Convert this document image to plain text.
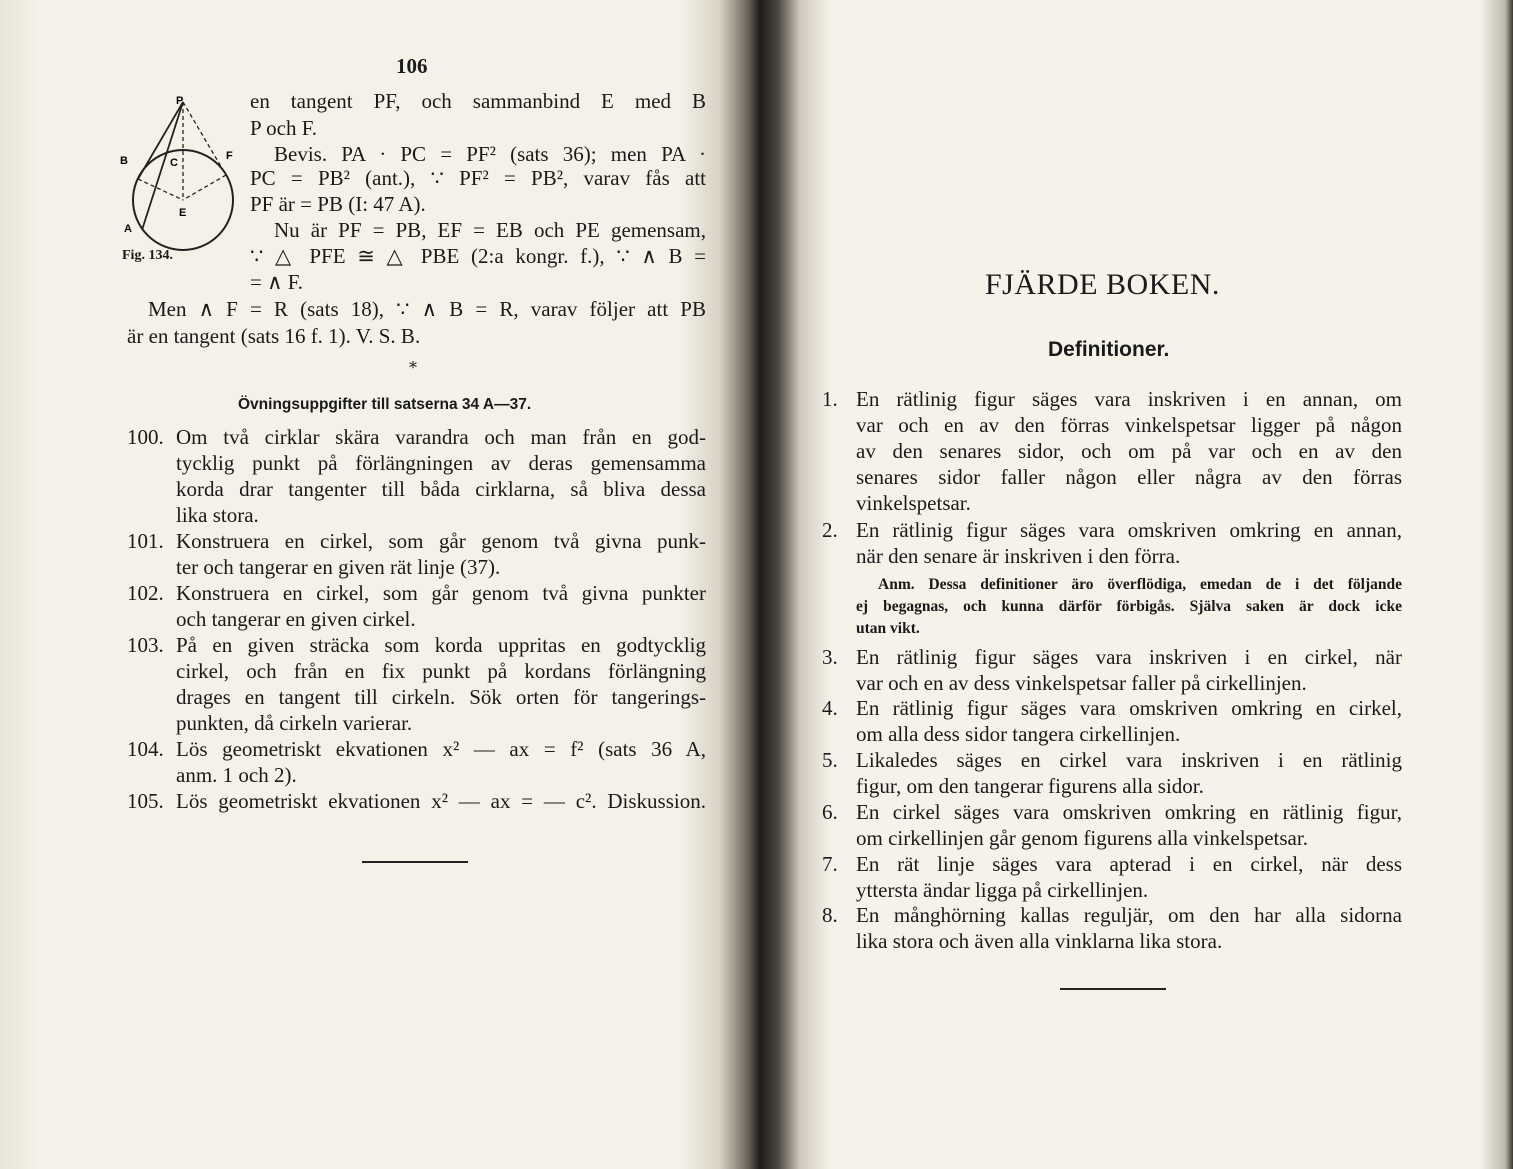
106
P
B	C
F
E
A
Fig. 134.
en tangent PF, och sammanbind E med B
P och F.
Bevis. PA · PC = PF² (sats 36); men PA ·
PC = PB² (ant.), ∵ PF² = PB², varav fås att
PF är = PB (I: 47 A).
Nu är PF = PB, EF = EB och PE gemensam,
∵ △ PFE ≅ △ PBE (2:a kongr. f.), ∵ ∧ B =
= ∧ F.
Men ∧ F = R (sats 18), ∵ ∧ B = R, varav följer att PB
är en tangent (sats 16 f. 1). V. S. B.
100. Om två cirklar skära varandra och man från en god-
tycklig punkt på förlängningen av deras gemensamma
korda drar tangenter till båda cirklarna, så bliva dessa
lika stora.
101. Konstruera en cirkel, som går genom två givna punk-
ter och tangerar en given rät linje (37).
102. Konstruera en cirkel, som går genom två givna punkter
och tangerar en given cirkel.
103. På en given sträcka som korda uppritas en godtycklig
cirkel, och från en fix punkt på kordans förlängning
drages en tangent till cirkeln. Sök orten för tangerings-
punkten, då cirkeln varierar.
104. Lös geometriskt ekvationen x² — ax = f² (sats 36 A,
anm. 1 och 2).
105. Lös geometriskt ekvationen x² — ax = — c². Diskussion.
*
Övningsuppgifter till satserna 34 A—37.
FJÄRDE BOKEN.
Definitioner.
1. En rätlinig figur säges vara inskriven i en annan, om
var och en av den förras vinkelspetsar ligger på någon
av den senares sidor, och om på var och en av den
senares sidor faller någon eller några av den förras
vinkelspetsar.
2. En rätlinig figur säges vara omskriven omkring en annan,
när den senare är inskriven i den förra.
3. En rätlinig figur säges vara inskriven i en cirkel, när
var och en av dess vinkelspetsar faller på cirkellinjen.
4. En rätlinig figur säges vara omskriven omkring en cirkel,
om alla dess sidor tangera cirkellinjen.
5. Likaledes säges en cirkel vara inskriven i en rätlinig
figur, om den tangerar figurens alla sidor.
6. En cirkel säges vara omskriven omkring en rätlinig figur,
om cirkellinjen går genom figurens alla vinkelspetsar.
7. En rät linje säges vara apterad i en cirkel, när dess
yttersta ändar ligga på cirkellinjen.
8. En månghörning kallas reguljär, om den har alla sidorna
lika stora och även alla vinklarna lika stora.
Anm. Dessa definitioner äro överflödiga, emedan de i det följande
ej begagnas, och kunna därför förbigås. Själva saken är dock icke
utan vikt.
